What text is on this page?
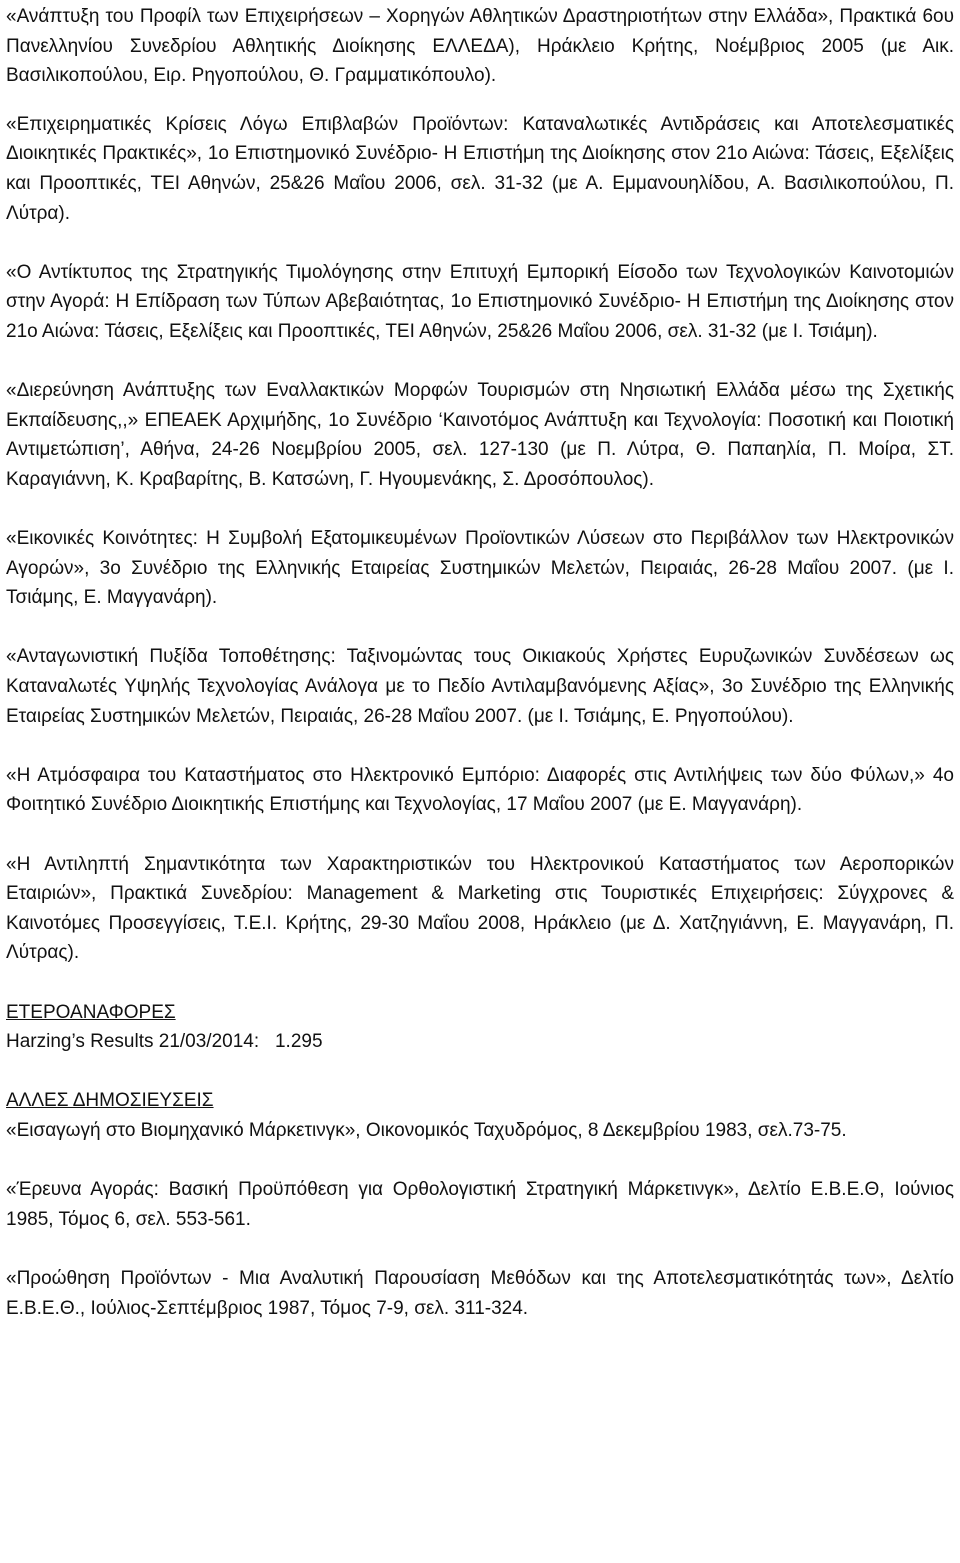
«Ανάπτυξη του Προφίλ των Επιχειρήσεων – Χορηγών Αθλητικών Δραστηριοτήτων στην Ελλάδα», Πρακτικά 6ου Πανελληνίου Συνεδρίου Αθλητικής Διοίκησης ΕΛΛΕΔΑ), Ηράκλειο Κρήτης, Νοέμβριος 2005 (με Αικ. Βασιλικοπούλου, Ειρ. Ρηγοπούλου, Θ. Γραμματικόπουλο).

«Επιχειρηματικές Κρίσεις Λόγω Επιβλαβών Προϊόντων: Καταναλωτικές Αντιδράσεις και Αποτελεσματικές Διοικητικές Πρακτικές», 1ο Επιστημονικό Συνέδριο- Η Επιστήμη της Διοίκησης στον 21ο Αιώνα: Τάσεις, Εξελίξεις και Προοπτικές, ΤΕΙ Αθηνών, 25&26 Μαΐου 2006, σελ. 31-32 (με Α. Εμμανουηλίδου, Α. Βασιλικοπούλου, Π. Λύτρα).

«Ο Αντίκτυπος της Στρατηγικής Τιμολόγησης στην Επιτυχή Εμπορική Είσοδο των Τεχνολογικών Καινοτομιών στην Αγορά: Η Επίδραση των Τύπων Αβεβαιότητας, 1ο Επιστημονικό Συνέδριο- Η Επιστήμη της Διοίκησης στον 21ο Αιώνα: Τάσεις, Εξελίξεις και Προοπτικές, ΤΕΙ Αθηνών, 25&26 Μαΐου 2006, σελ. 31-32 (με Ι. Τσιάμη).

«Διερεύνηση Ανάπτυξης των Εναλλακτικών Μορφών Τουρισμών στη Νησιωτική Ελλάδα μέσω της Σχετικής Εκπαίδευσης,,» ΕΠΕΑΕΚ Αρχιμήδης, 1ο Συνέδριο ‘Καινοτόμος Ανάπτυξη και Τεχνολογία: Ποσοτική και Ποιοτική Αντιμετώπιση’, Αθήνα, 24-26 Νοεμβρίου 2005, σελ. 127-130 (με Π. Λύτρα, Θ. Παπαηλία, Π. Μοίρα, ΣΤ. Καραγιάννη, Κ. Κραβαρίτης, Β. Κατσώνη, Γ. Ηγουμενάκης, Σ. Δροσόπουλος).

«Εικονικές Κοινότητες: Η Συμβολή Εξατομικευμένων Προϊοντικών Λύσεων στο Περιβάλλον των Ηλεκτρονικών Αγορών», 3ο Συνέδριο της Ελληνικής Εταιρείας Συστημικών Μελετών, Πειραιάς, 26-28 Μαΐου 2007. (με Ι. Τσιάμης, Ε. Μαγγανάρη).

«Ανταγωνιστική Πυξίδα Τοποθέτησης: Ταξινομώντας τους Οικιακούς Χρήστες Ευρυζωνικών Συνδέσεων ως Καταναλωτές Υψηλής Τεχνολογίας Ανάλογα με το Πεδίο Αντιλαμβανόμενης Αξίας», 3ο Συνέδριο της Ελληνικής Εταιρείας Συστημικών Μελετών, Πειραιάς, 26-28 Μαΐου 2007. (με Ι. Τσιάμης, Ε. Ρηγοπούλου).

«Η Ατμόσφαιρα του Καταστήματος στο Ηλεκτρονικό Εμπόριο: Διαφορές στις Αντιλήψεις των δύο Φύλων,» 4ο Φοιτητικό Συνέδριο Διοικητικής Επιστήμης και Τεχνολογίας, 17 Μαΐου 2007 (με Ε. Μαγγανάρη).

«Η Αντιληπτή Σημαντικότητα των Χαρακτηριστικών του Ηλεκτρονικού Καταστήματος των Αεροπορικών Εταιριών», Πρακτικά Συνεδρίου: Management & Marketing στις Τουριστικές Επιχειρήσεις: Σύγχρονες & Καινοτόμες Προσεγγίσεις, Τ.Ε.Ι. Κρήτης, 29-30 Μαΐου 2008, Ηράκλειο (με Δ. Χατζηγιάννη, Ε. Μαγγανάρη, Π. Λύτρας).

ΕΤΕΡΟΑΝΑΦΟΡΕΣ

Harzing’s Results 21/03/2014:   1.295

ΑΛΛΕΣ ΔΗΜΟΣΙΕΥΣΕΙΣ

«Εισαγωγή στο Βιομηχανικό Μάρκετινγκ», Οικονομικός Ταχυδρόμος, 8 Δεκεμβρίου 1983, σελ.73-75.

«Έρευνα Αγοράς: Βασική Προϋπόθεση για Ορθολογιστική Στρατηγική Μάρκετινγκ», Δελτίο Ε.Β.Ε.Θ, Ιούνιος 1985, Τόμος 6, σελ. 553-561.

«Προώθηση Προϊόντων - Μια Αναλυτική Παρουσίαση Μεθόδων και της Αποτελεσματικότητάς των», Δελτίο Ε.Β.Ε.Θ., Ιούλιος-Σεπτέμβριος 1987, Τόμος 7-9, σελ. 311-324.
